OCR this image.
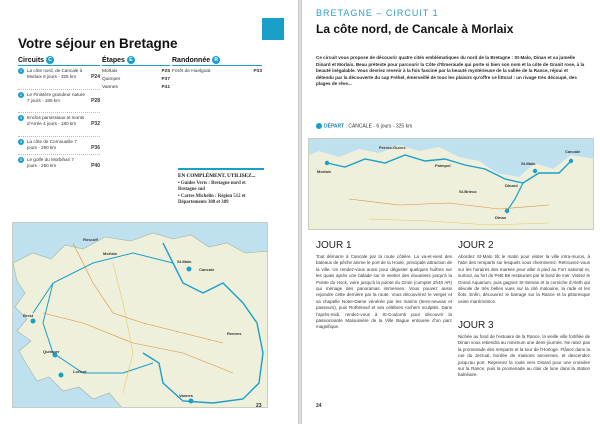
Votre séjour en Bretagne
Circuits C	Étapes E	Randonnée R
1	La côte nord, de Cancale à Morlaix 6 jours - 325 km	P24
2	Le Finistère grandeur nature 7 jours - 185 km	P28
3	Enclos paroissiaux et monts d’Arrée 4 jours - 180 km	P32
4	La côte de Cornouaille 7 jours - 290 km	P36
5	Le golfe du Morbihan 7 jours - 250 km	P40
Morlaix	P25
Quimper	P37
Vannes	P41
Forêt de Huelgoat	P33
EN COMPLÉMENT, UTILISEZ...
• Guides Verts : Bretagne nord et Bretagne sud
• Cartes Michelin : Région 512 et Départements 308 et 309
Roscoff
Brest
Morlaix
Quimper
Lorient
Vannes
St-Malo
Cancale
Rennes
23
BRETAGNE – CIRCUIT 1
La côte nord, de Cancale à Morlaix
Ce circuit vous propose de découvrir quatre cités emblématiques du nord de la Bretagne : St-Malo, Dinan et sa jumelle Dinard et Morlaix. Beau prétexte pour parcourir la Côte d’Émeraude qui porte si bien son nom et la côte de Granit rose, à la beauté inégalable. Vous devriez revenir à la fois fasciné par la beauté mystérieuse de la vallée de la Rance, réjoui et détendu par la découverte du cap Fréhel, émerveillé de tous les plaisirs qu’offre ce littoral : un rivage très découpé, des plages de rêve...
DÉPART : CANCALE - 6 jours - 325 km
St-Malo
Cancale
Dinard
Dinan
Morlaix
Perros-Guirec
Paimpol
St-Brieuc
JOUR 1
Tout démarre à Cancale par la route côtière. La va-et-vient des bateaux de pêche anime le port de la Houle, principale attraction de la ville. Un rendez-vous aussi pour déguster quelques huîtres sur les quais après une balade sur le sentier des douaniers jusqu’à la Pointe du Hock, voire jusqu’à la pointe du Groin (compter 2h40 AR) qui ménage des panoramas immenses. Vous pouvez aussi rejoindre cette dernière par la route. Vous découvrirez le Verger et sa chapelle Notre-Dame vénérée par les marins (terre-neuvas et passeurs), puis Rothéneuf et ses célèbres rochers sculptés. Dans l’après-midi, rendez-vous à St-Coulomb pour découvrir la passionnante Malouinière de la Ville Bague entourée d’un parc magnifique.
JOUR 2
Abordez St-Malo tôt le matin pour visiter la ville intra-muros, à l’abri des remparts sur lesquels vous cheminerez. Retrouvez-vous sur les horaires des marées pour aller à pied au Fort national et, surtout, au fort du Petit Bé restaurant par le bord de mer. Visitez le Grand Aquarium, puis gagnez St-Servan et la corniche d’Aleth qui dévoile de très belles vues sur la cité malouine, la rade et les îlots. Enfin, découvrez le barrage sur la Rance et la pittoresque usine marémotrice.
JOUR 3
Nichée au fond de l’estuaire de la Rance, la vieille ville fortifiée de Dinan vous retiendra au minimum une demi-journée. Ne ratez pas la promenade des remparts et la tour de l’Horloge. Flânez dans la rue du Jerzual, bordée de maisons anciennes, et descendez jusqu’au port. Reprenez la route vers Dinard pour une croisière sur la Rance, puis la promenade au clair de lune dans la station balnéaire.
24
